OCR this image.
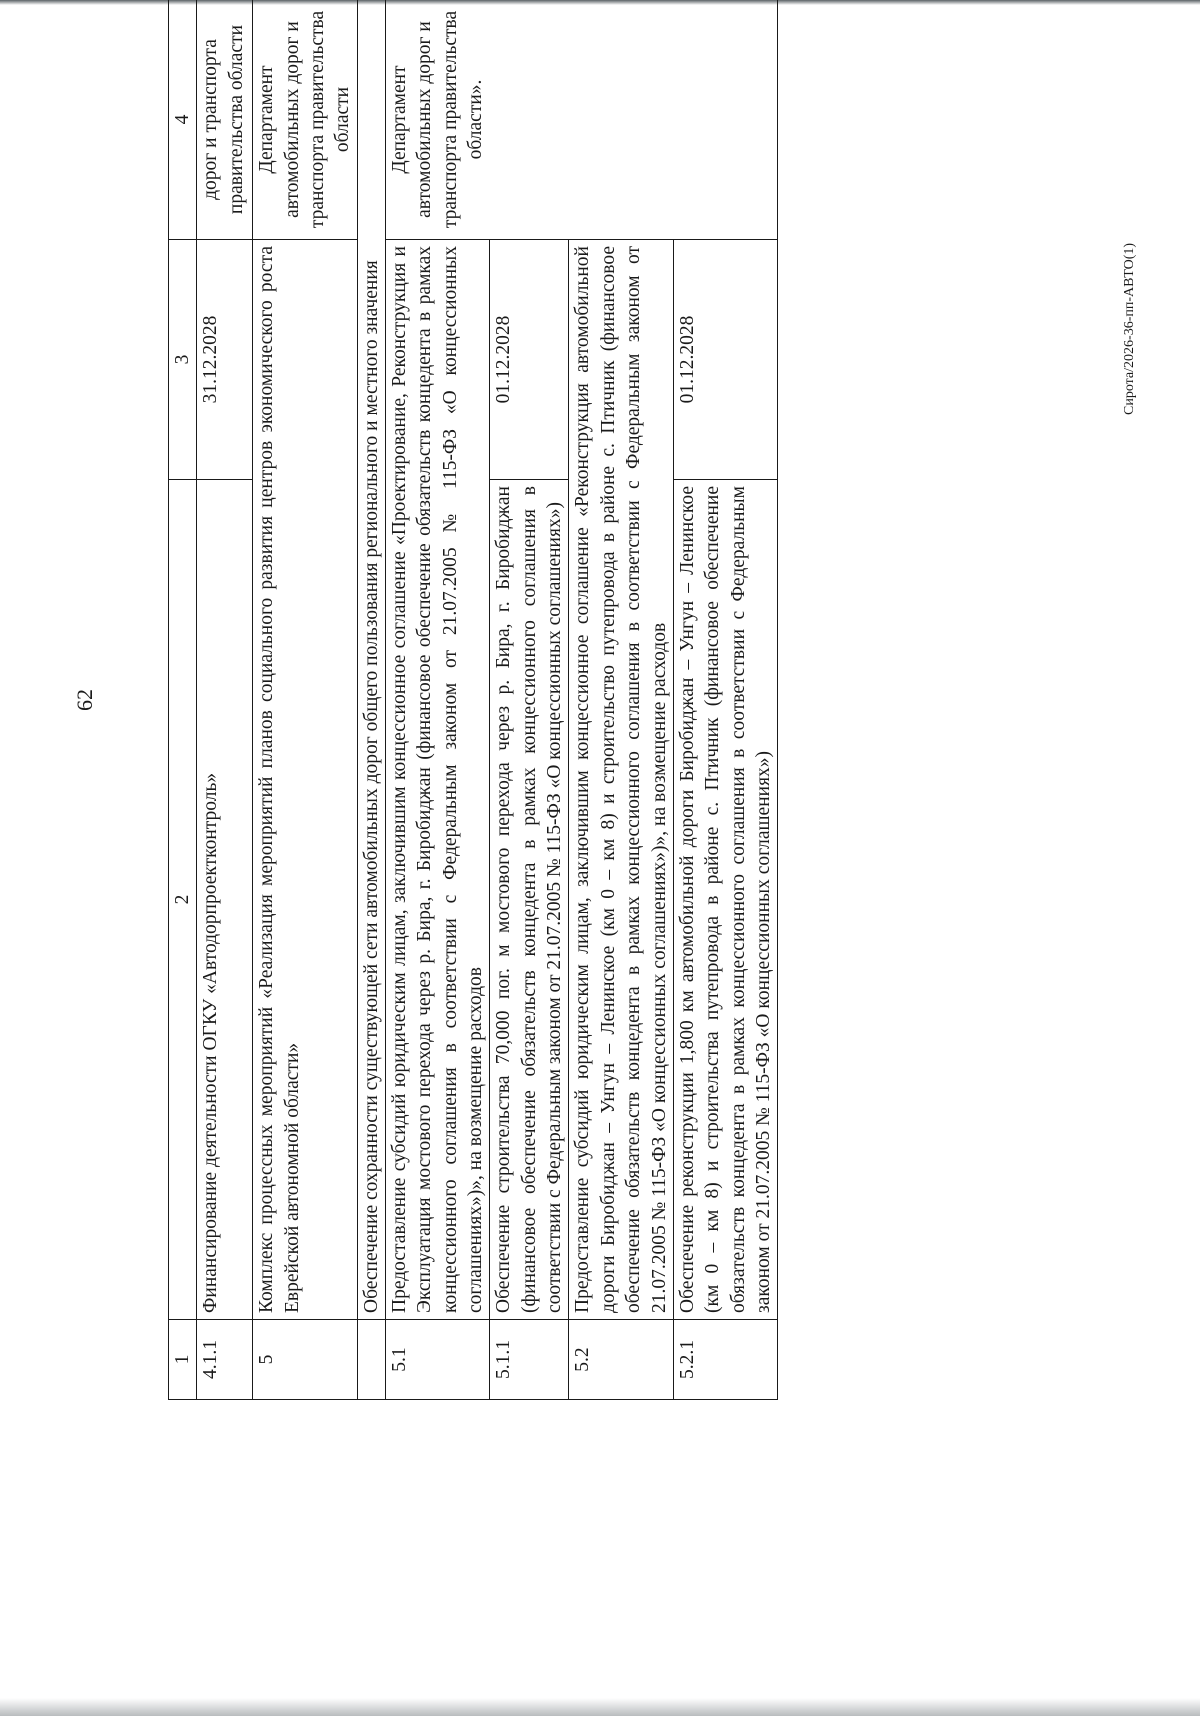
62
1	2	3	4
4.1.1	Финансирование деятельности ОГКУ «Автодорпроектконтроль»	31.12.2028	дорог и транспорта правительства области
5	Комплекс процессных мероприятий «Реализация мероприятий планов социального развития центров экономического роста Еврейской автономной области»		Департамент автомобильных дорог и транспорта правительства области
	Обеспечение сохранности существующей сети автомобильных дорог общего пользования регионального и местного значения		
5.1	Предоставление субсидий юридическим лицам, заключившим концессионное соглашение «Проектирование, Реконструкция и Эксплуатация мостового перехода через р. Бира, г. Биробиджан (финансовое обеспечение обязательств концедента в рамках концессионного соглашения в соответствии с Федеральным законом от 21.07.2005 № 115-ФЗ «О концессионных соглашениях»)», на возмещение расходов		Департамент автомобильных дорог и транспорта правительства области».
5.1.1	Обеспечение строительства 70,000 пог. м мостового перехода через р. Бира, г. Биробиджан (финансовое обеспечение обязательств концедента в рамках концессионного соглашения в соответствии с Федеральным законом от 21.07.2005 № 115-ФЗ «О концессионных соглашениях»)	01.12.2028	
5.2	Предоставление субсидий юридическим лицам, заключившим концессионное соглашение «Реконструкция автомобильной дороги Биробиджан – Унгун – Ленинское (км 0 – км 8) и строительство путепровода в районе с. Птичник (финансовое обеспечение обязательств концедента в рамках концессионного соглашения в соответствии с Федеральным законом от 21.07.2005 № 115-ФЗ «О концессионных соглашениях»)», на возмещение расходов		
5.2.1	Обеспечение реконструкции 1,800 км автомобильной дороги Биробиджан – Унгун – Ленинское (км 0 – км 8) и строительства путепровода в районе с. Птичник (финансовое обеспечение обязательств концедента в рамках концессионного соглашения в соответствии с Федеральным законом от 21.07.2005 № 115-ФЗ «О концессионных соглашениях»)	01.12.2028		Сирота/2026-36-пп-АВТО(1)
